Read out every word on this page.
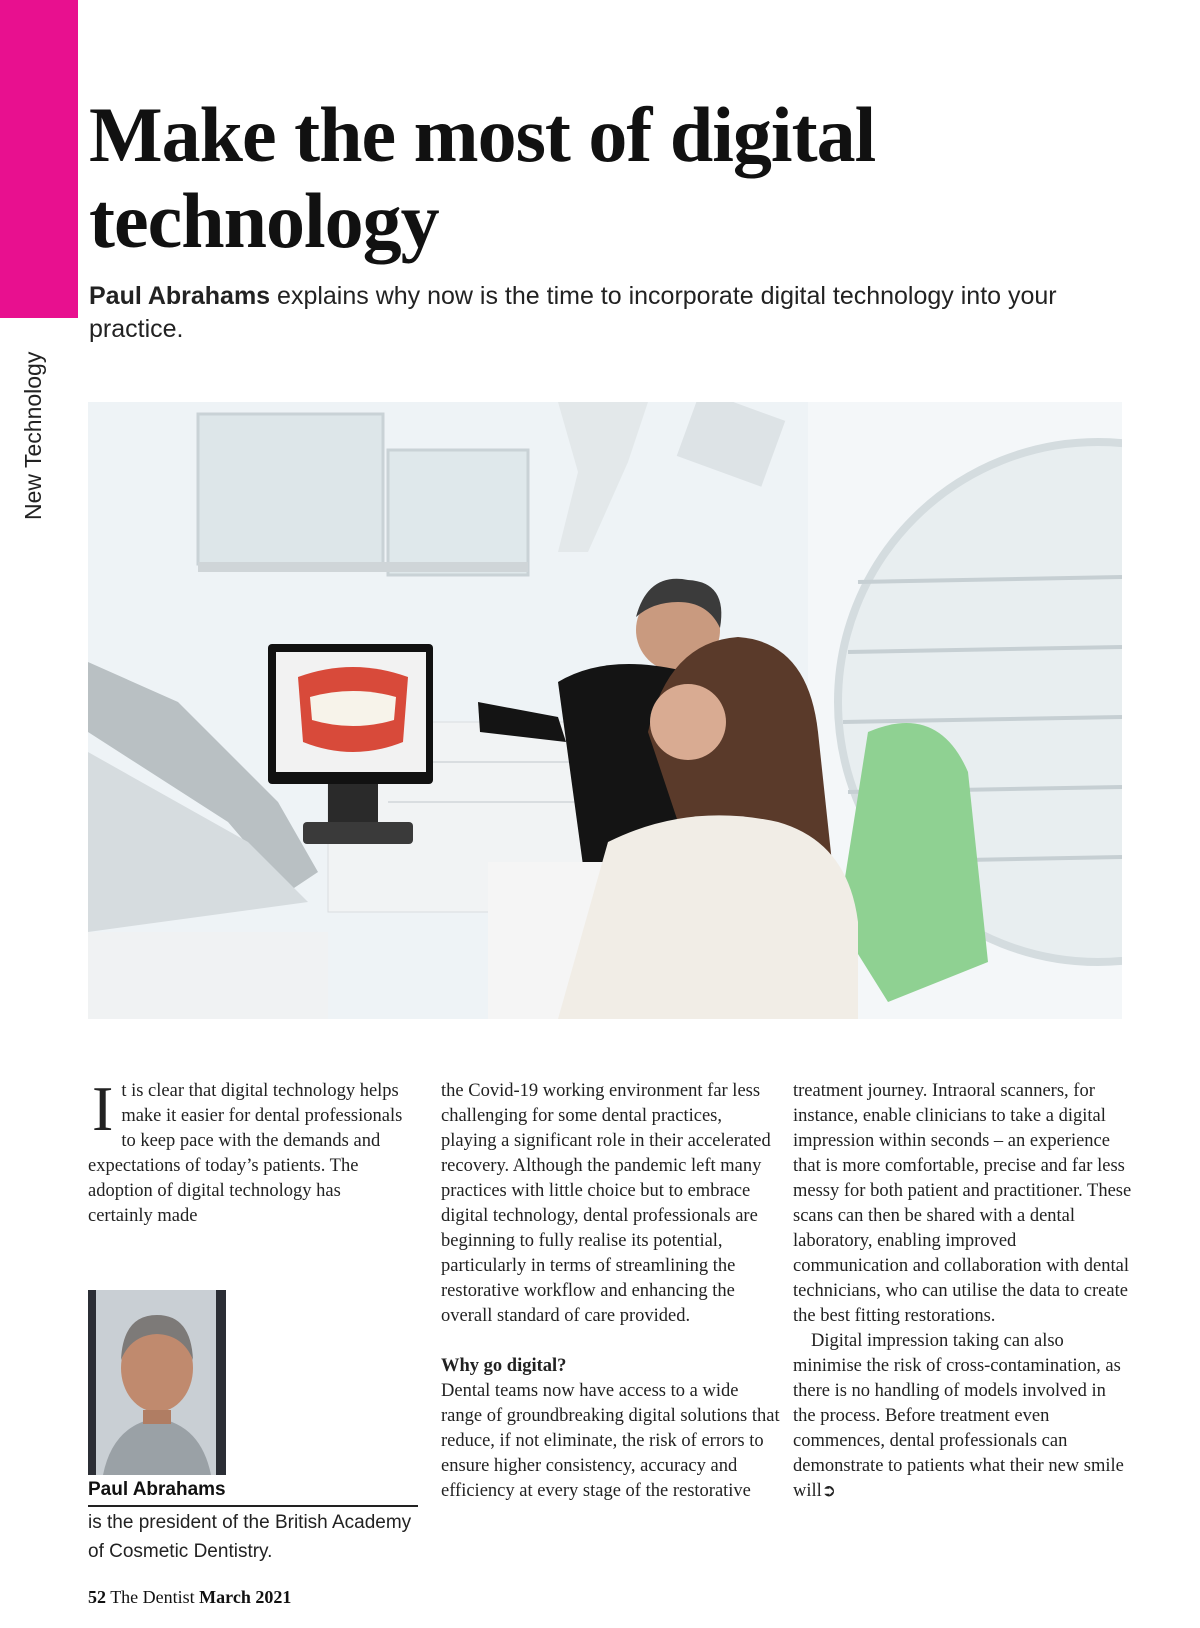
New Technology
Make the most of digital technology
Paul Abrahams explains why now is the time to incorporate digital technology into your practice.

It is clear that digital technology helps make it easier for dental professionals to keep pace with the demands and expectations of today’s patients. The adoption of digital technology has certainly made

the Covid-19 working environment far less challenging for some dental practices, playing a significant role in their accelerated recovery. Although the pandemic left many practices with little choice but to embrace digital technology, dental professionals are beginning to fully realise its potential, particularly in terms of streamlining the restorative workflow and enhancing the overall standard of care provided.

Why go digital?

Dental teams now have access to a wide range of groundbreaking digital solutions that reduce, if not eliminate, the risk of errors to ensure higher consistency, accuracy and efficiency at every stage of the restorative

treatment journey. Intraoral scanners, for instance, enable clinicians to take a digital impression within seconds – an experience that is more comfortable, precise and far less messy for both patient and practitioner. These scans can then be shared with a dental laboratory, enabling improved communication and collaboration with dental technicians, who can utilise the data to create the best fitting restorations.

Digital impression taking can also minimise the risk of cross-contamination, as there is no handling of models involved in the process. Before treatment even commences, dental professionals can demonstrate to patients what their new smile will➲

Paul Abrahams
is the president of the British Academy of Cosmetic Dentistry.
52 The Dentist March 2021
